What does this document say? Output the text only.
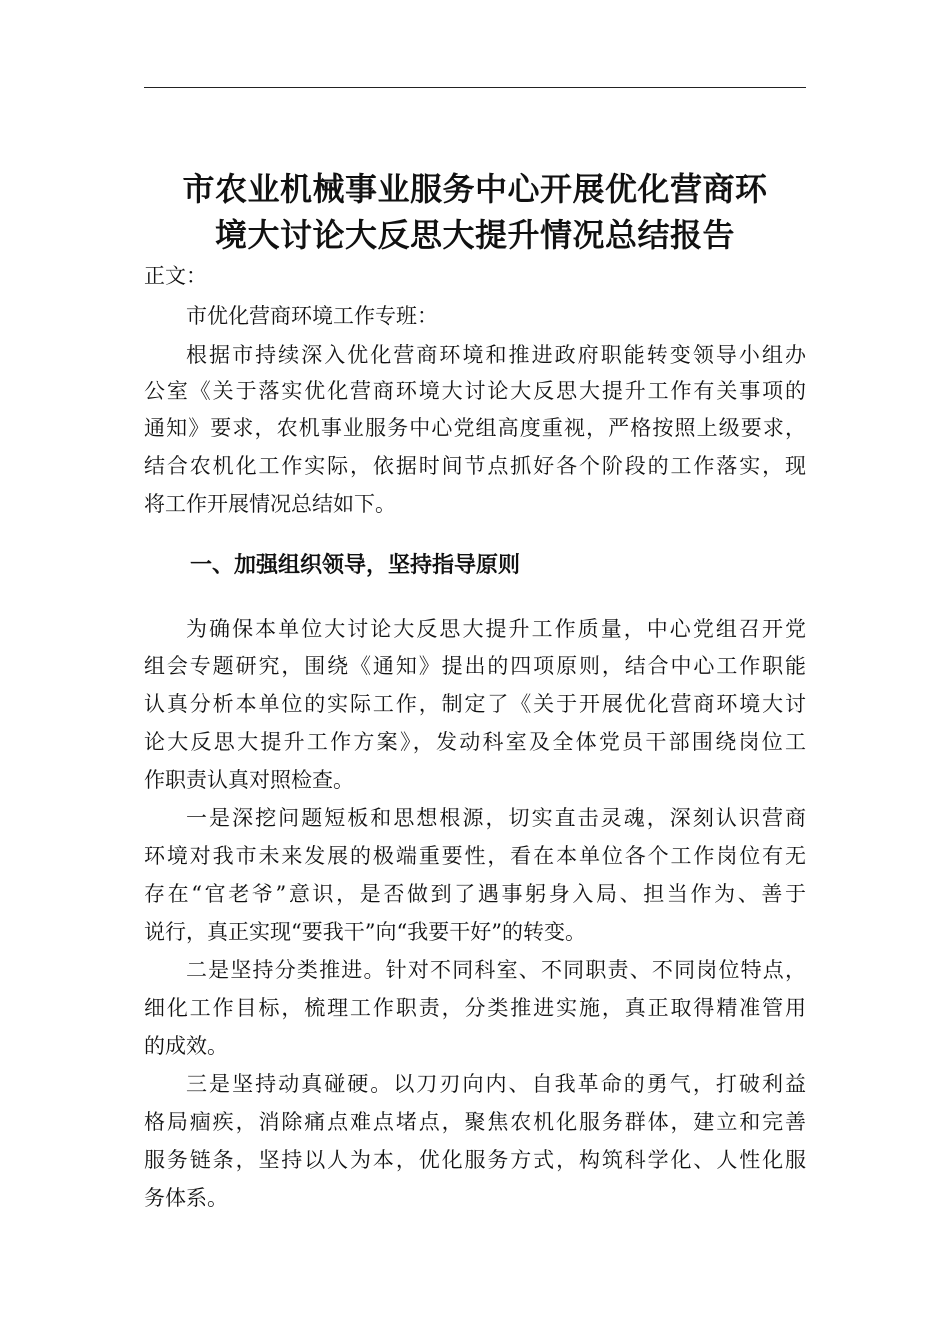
市农业机械事业服务中心开展优化营商环
境大讨论大反思大提升情况总结报告
正文：
市优化营商环境工作专班：
根据市持续深入优化营商环境和推进政府职能转变领导小组办
公室《关于落实优化营商环境大讨论大反思大提升工作有关事项的
通知》要求，农机事业服务中心党组高度重视，严格按照上级要求，
结合农机化工作实际，依据时间节点抓好各个阶段的工作落实，现
将工作开展情况总结如下。
一、加强组织领导，坚持指导原则
为确保本单位大讨论大反思大提升工作质量，中心党组召开党
组会专题研究，围绕《通知》提出的四项原则，结合中心工作职能
认真分析本单位的实际工作，制定了《关于开展优化营商环境大讨
论大反思大提升工作方案》，发动科室及全体党员干部围绕岗位工
作职责认真对照检查。
一是深挖问题短板和思想根源，切实直击灵魂，深刻认识营商
环境对我市未来发展的极端重要性，看在本单位各个工作岗位有无
存在“官老爷”意识，是否做到了遇事躬身入局、担当作为、善于
说行，真正实现“要我干”向“我要干好”的转变。
二是坚持分类推进。针对不同科室、不同职责、不同岗位特点，
细化工作目标，梳理工作职责，分类推进实施，真正取得精准管用
的成效。
三是坚持动真碰硬。以刀刃向内、自我革命的勇气，打破利益
格局痼疾，消除痛点难点堵点，聚焦农机化服务群体，建立和完善
服务链条，坚持以人为本，优化服务方式，构筑科学化、人性化服
务体系。
